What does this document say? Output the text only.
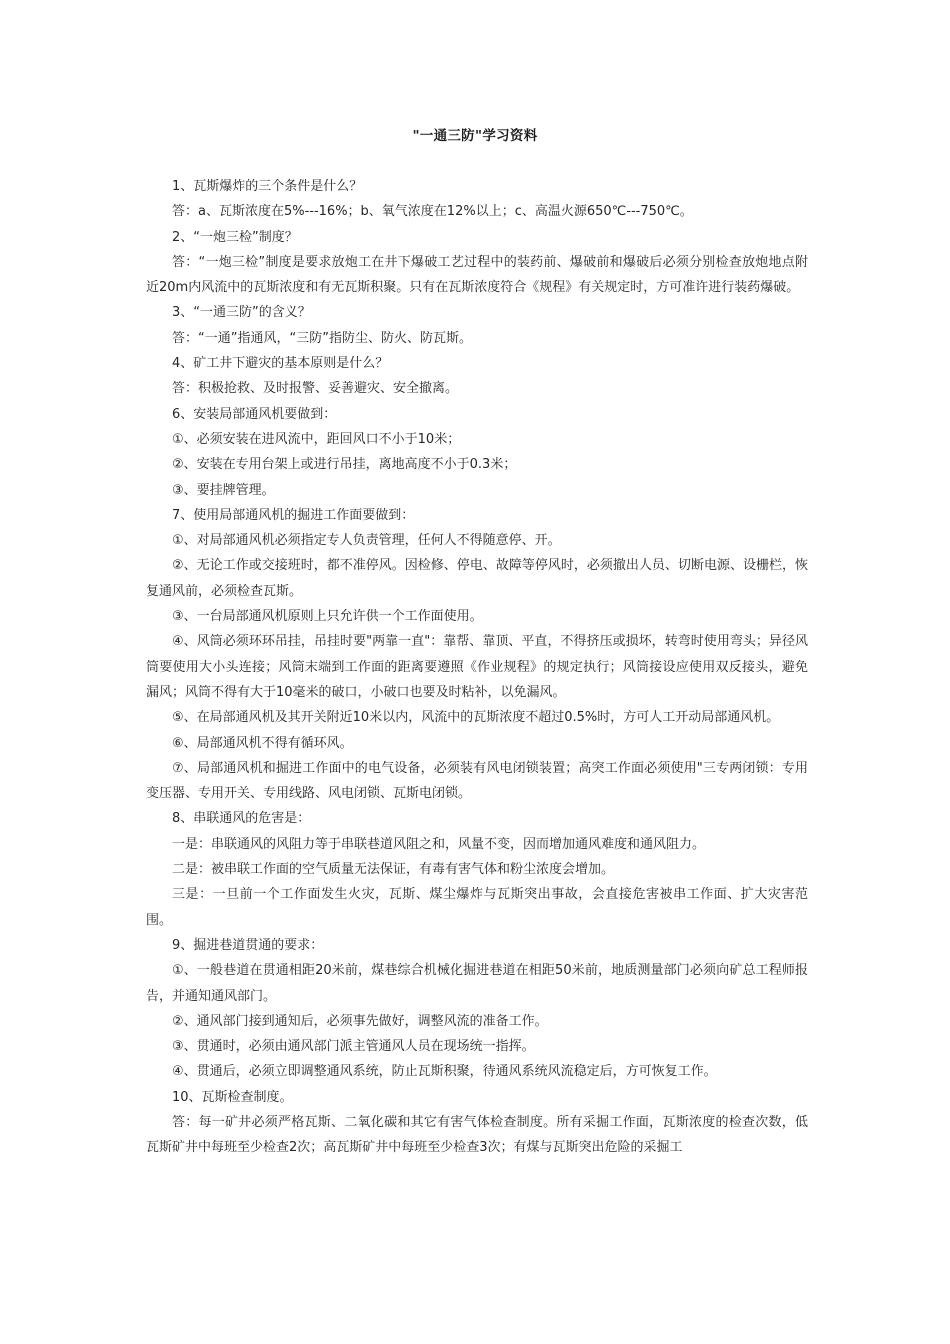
"一通三防"学习资料

1、瓦斯爆炸的三个条件是什么？

答：a、瓦斯浓度在5%---16%；b、氧气浓度在12%以上；c、高温火源650℃---750℃。

2、“一炮三检”制度？

答：“一炮三检”制度是要求放炮工在井下爆破工艺过程中的装药前、爆破前和爆破后必须分别检查放炮地点附近20m内风流中的瓦斯浓度和有无瓦斯积聚。只有在瓦斯浓度符合《规程》有关规定时，方可准许进行装药爆破。

3、“一通三防”的含义？

答：“一通”指通风，“三防”指防尘、防火、防瓦斯。

4、矿工井下避灾的基本原则是什么？

答：积极抢救、及时报警、妥善避灾、安全撤离。

6、安装局部通风机要做到：

①、必须安装在进风流中，距回风口不小于10米；

②、安装在专用台架上或进行吊挂，离地高度不小于0.3米；

③、要挂牌管理。

7、使用局部通风机的掘进工作面要做到：

①、对局部通风机必须指定专人负责管理，任何人不得随意停、开。

②、无论工作或交接班时，都不准停风。因检修、停电、故障等停风时，必须撤出人员、切断电源、设栅栏，恢复通风前，必须检查瓦斯。

③、一台局部通风机原则上只允许供一个工作面使用。

④、风筒必须环环吊挂，吊挂时要"两靠一直"：靠帮、靠顶、平直，不得挤压或损坏，转弯时使用弯头；异径风筒要使用大小头连接；风筒末端到工作面的距离要遵照《作业规程》的规定执行；风筒接设应使用双反接头，避免漏风；风筒不得有大于10毫米的破口，小破口也要及时粘补，以免漏风。

⑤、在局部通风机及其开关附近10米以内，风流中的瓦斯浓度不超过0.5%时，方可人工开动局部通风机。

⑥、局部通风机不得有循环风。

⑦、局部通风机和掘进工作面中的电气设备，必须装有风电闭锁装置；高突工作面必须使用"三专两闭锁：专用变压器、专用开关、专用线路、风电闭锁、瓦斯电闭锁。

8、串联通风的危害是：

一是：串联通风的风阻力等于串联巷道风阻之和，风量不变，因而增加通风难度和通风阻力。

二是：被串联工作面的空气质量无法保证，有毒有害气体和粉尘浓度会增加。

三是：一旦前一个工作面发生火灾，瓦斯、煤尘爆炸与瓦斯突出事故，会直接危害被串工作面、扩大灾害范围。

9、掘进巷道贯通的要求：

①、一般巷道在贯通相距20米前，煤巷综合机械化掘进巷道在相距50米前，地质测量部门必须向矿总工程师报告，并通知通风部门。

②、通风部门接到通知后，必须事先做好，调整风流的准备工作。

③、贯通时，必须由通风部门派主管通风人员在现场统一指挥。

④、贯通后，必须立即调整通风系统，防止瓦斯积聚，待通风系统风流稳定后，方可恢复工作。

10、瓦斯检查制度。

答：每一矿井必须严格瓦斯、二氧化碳和其它有害气体检查制度。所有采掘工作面，瓦斯浓度的检查次数，低瓦斯矿井中每班至少检查2次；高瓦斯矿井中每班至少检查3次；有煤与瓦斯突出危险的采掘工
